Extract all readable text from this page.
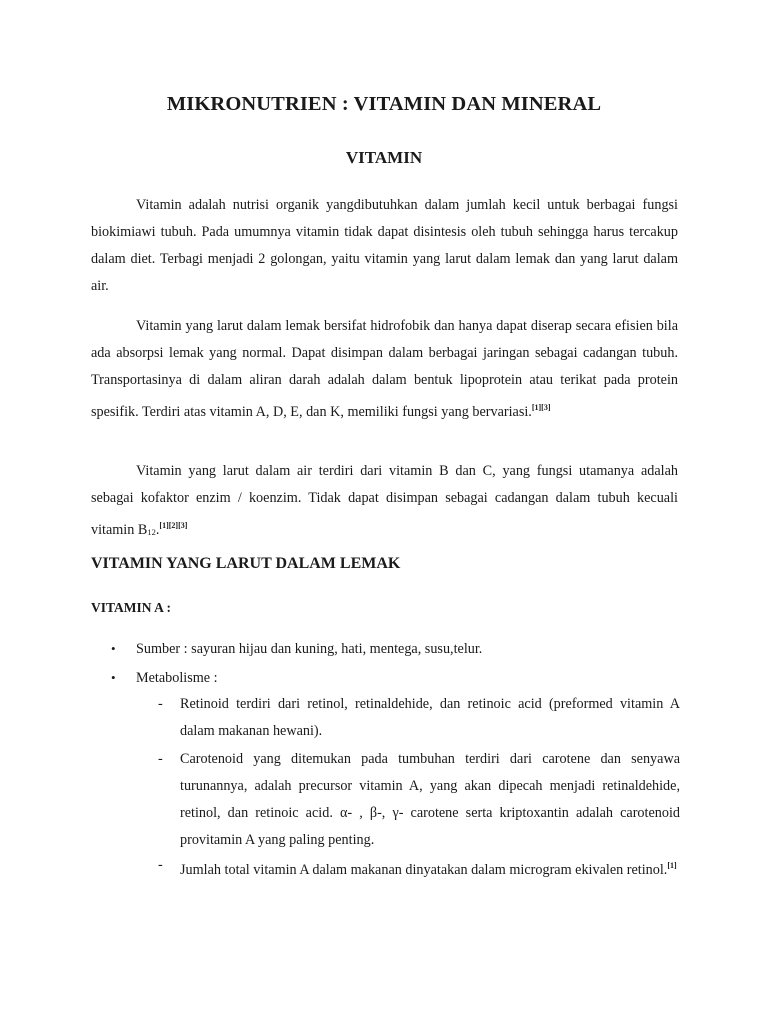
MIKRONUTRIEN : VITAMIN DAN MINERAL
VITAMIN

Vitamin adalah nutrisi organik yangdibutuhkan dalam jumlah kecil untuk berbagai fungsi biokimiawi tubuh. Pada umumnya vitamin tidak dapat disintesis oleh tubuh sehingga harus tercakup dalam diet. Terbagi menjadi 2 golongan, yaitu vitamin yang larut dalam lemak dan yang larut dalam air.

Vitamin yang larut dalam lemak bersifat hidrofobik dan hanya dapat diserap secara efisien bila ada absorpsi lemak yang normal. Dapat disimpan dalam berbagai jaringan sebagai cadangan tubuh. Transportasinya di dalam aliran darah adalah dalam bentuk lipoprotein atau terikat pada protein spesifik. Terdiri atas vitamin A, D, E, dan K, memiliki fungsi yang bervariasi.[1][3]

Vitamin yang larut dalam air terdiri dari vitamin B dan C, yang fungsi utamanya adalah sebagai kofaktor enzim / koenzim. Tidak dapat disimpan sebagai cadangan dalam tubuh kecuali vitamin $B_{12}.[1][2][3]$

VITAMIN YANG LARUT DALAM LEMAK
VITAMIN A :
• Sumber : sayuran hijau dan kuning, hati, mentega, susu,telur.
• Metabolisme :
- Retinoid terdiri dari retinol, retinaldehide, dan retinoic acid (preformed vitamin A dalam makanan hewani).
- Carotenoid yang ditemukan pada tumbuhan terdiri dari carotene dan senyawa turunannya, adalah precursor vitamin A, yang akan dipecah menjadi retinaldehide, retinol, dan retinoic acid. α- , β-, γ- carotene serta kriptoxantin adalah carotenoid provitamin A yang paling penting.
- Jumlah total vitamin A dalam makanan dinyatakan dalam microgram ekivalen retinol.[1]
